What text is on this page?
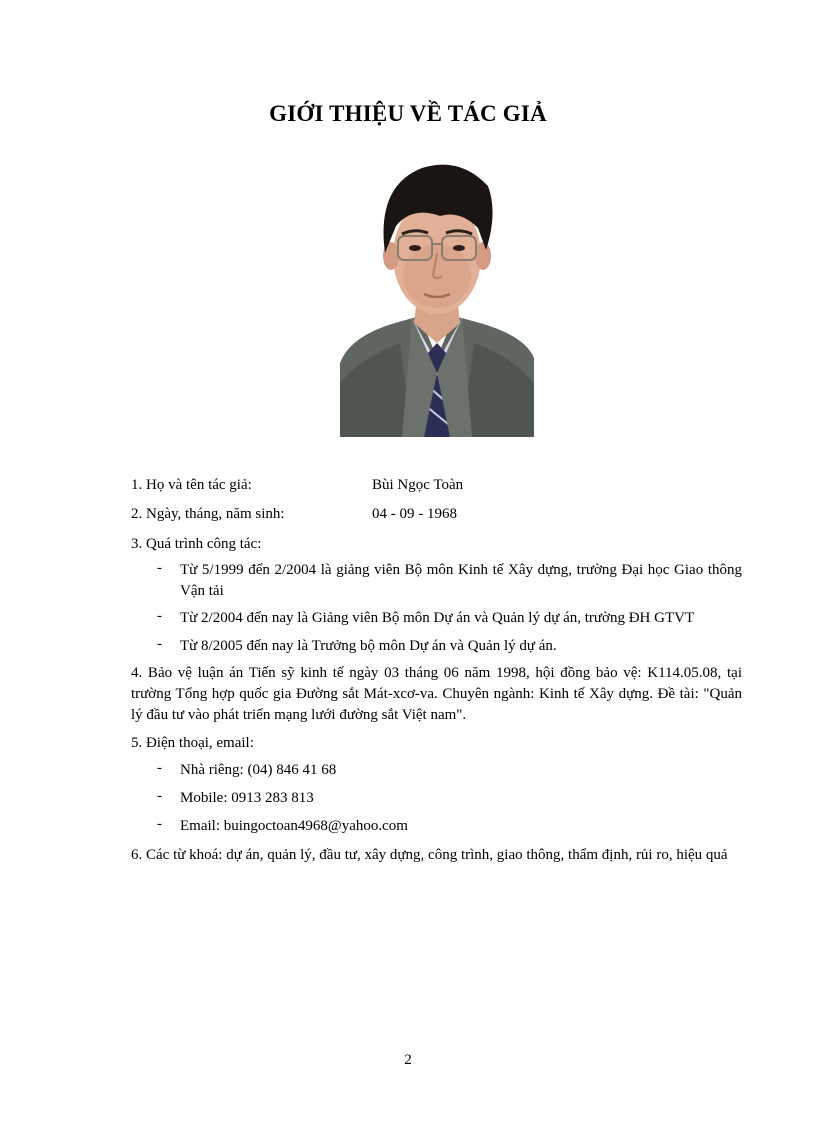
GIỚI THIỆU VỀ TÁC GIẢ
1. Họ và tên tác giả:	Bùi Ngọc Toàn
2. Ngày, tháng, năm sinh:	04 - 09 - 1968
3. Quá trình công tác:
- Từ 5/1999 đến 2/2004 là giảng viên Bộ môn Kinh tế Xây dựng, trường Đại học Giao thông Vận tải
- Từ 2/2004 đến nay là Giảng viên Bộ môn Dự án và Quản lý dự án, trường ĐH GTVT
- Từ 8/2005 đến nay là Trưởng bộ môn Dự án và Quản lý dự án.
4. Bảo vệ luận án Tiến sỹ kinh tế ngày 03 tháng 06 năm 1998, hội đồng bảo vệ: K114.05.08, tại trường Tổng hợp quốc gia Đường sắt Mát-xcơ-va. Chuyên ngành: Kinh tế Xây dựng. Đề tài: "Quản lý đầu tư vào phát triển mạng lưới đường sắt Việt nam".
5. Điện thoại, email:
- Nhà riêng: (04) 846 41 68
- Mobile: 0913 283 813
- Email: buingoctoan4968@yahoo.com
6. Các từ khoá: dự án, quản lý, đầu tư, xây dựng, công trình, giao thông, thẩm định, rủi ro, hiệu quả
2
